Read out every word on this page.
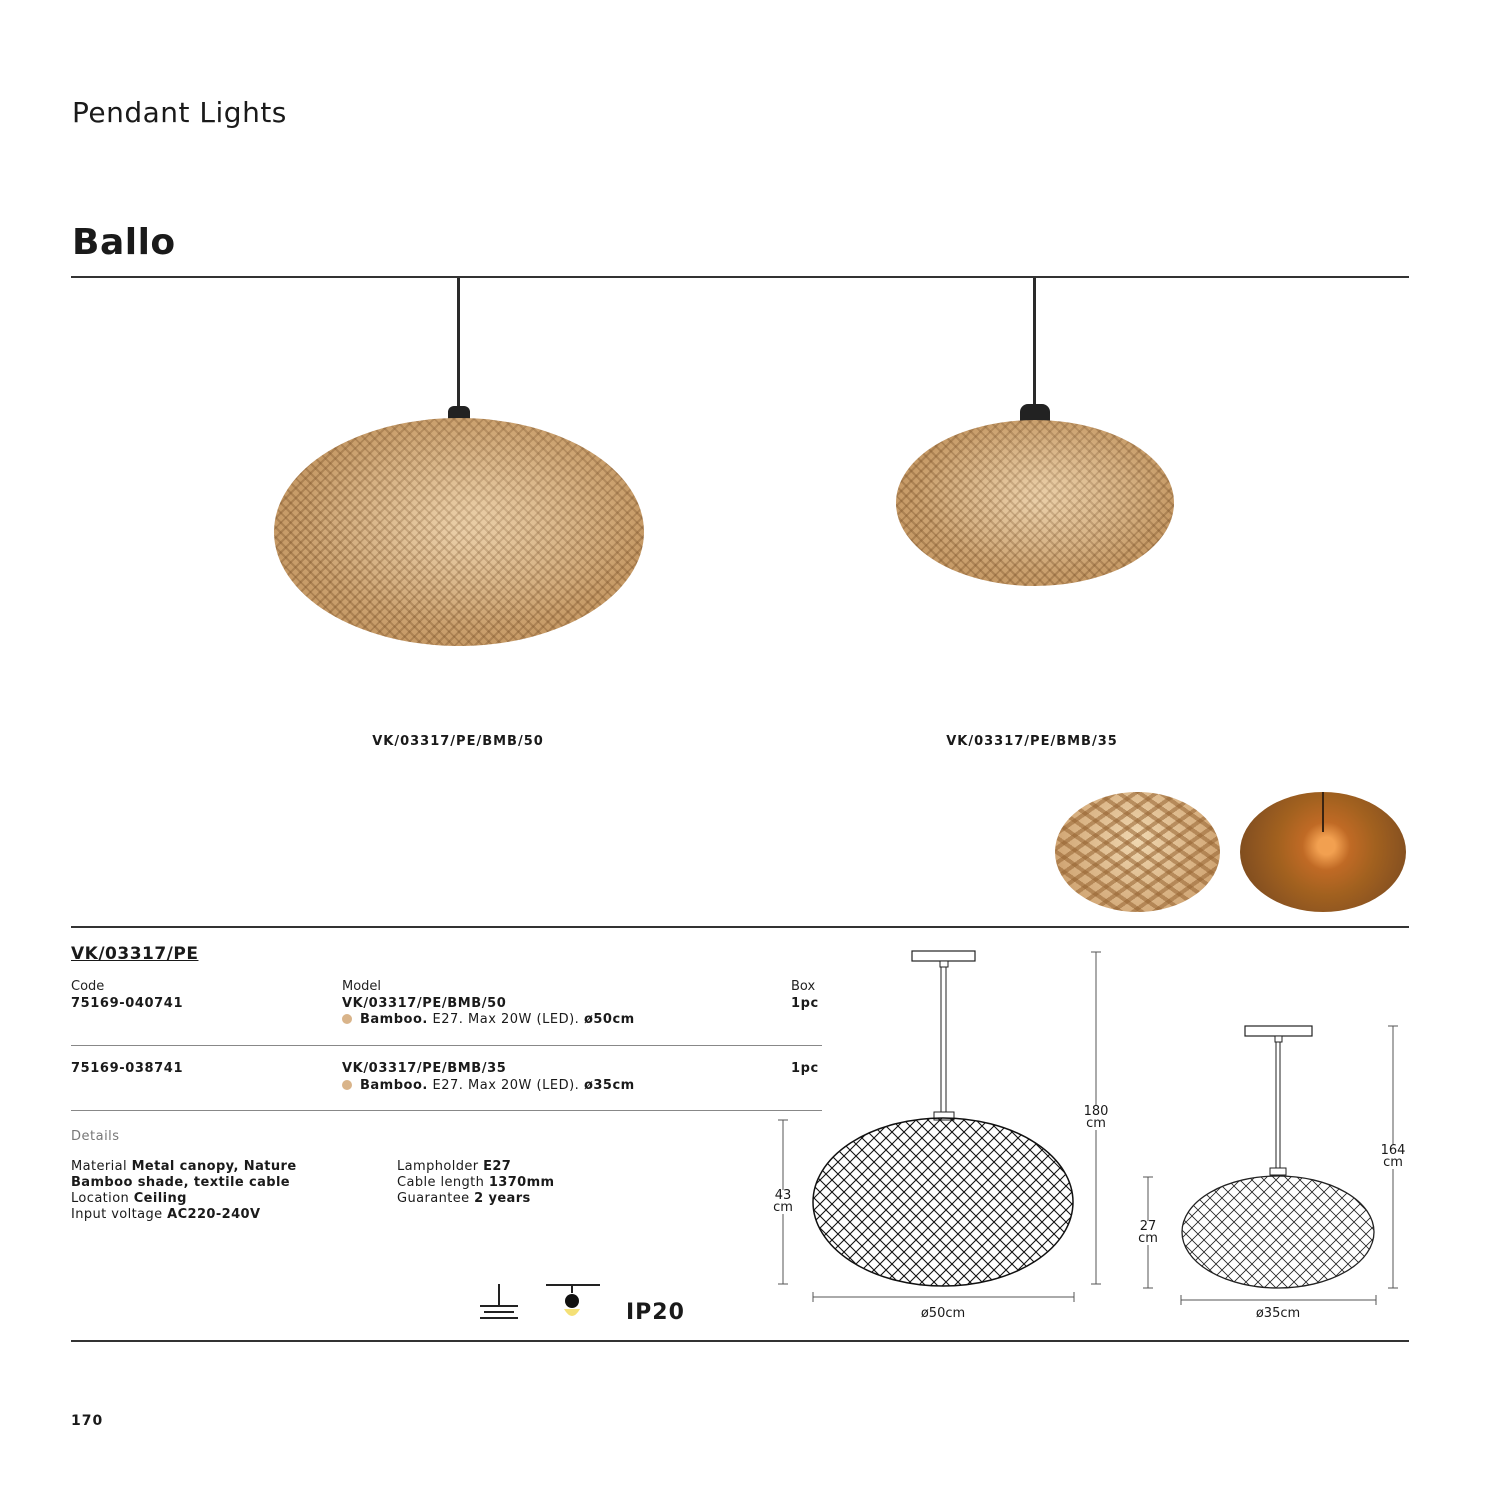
Pendant Lights
Ballo
VK/03317/PE/BMB/50	VK/03317/PE/BMB/35
VK/03317/PE
Code	Model	Box
75169-040741	VK/03317/PE/BMB/50	1pc
Bamboo. E27. Max 20W (LED). ø50cm
75169-038741	VK/03317/PE/BMB/35	1pc
Bamboo. E27. Max 20W (LED). ø35cm
Details
Material Metal canopy, Nature
Bamboo shade, textile cable
Location Ceiling
Input voltage AC220-240V
Lampholder E27
Cable length 1370mm
Guarantee 2 years
IP20
180
cm
43
cm
ø50cm
164
cm
27
cm
ø35cm
170
